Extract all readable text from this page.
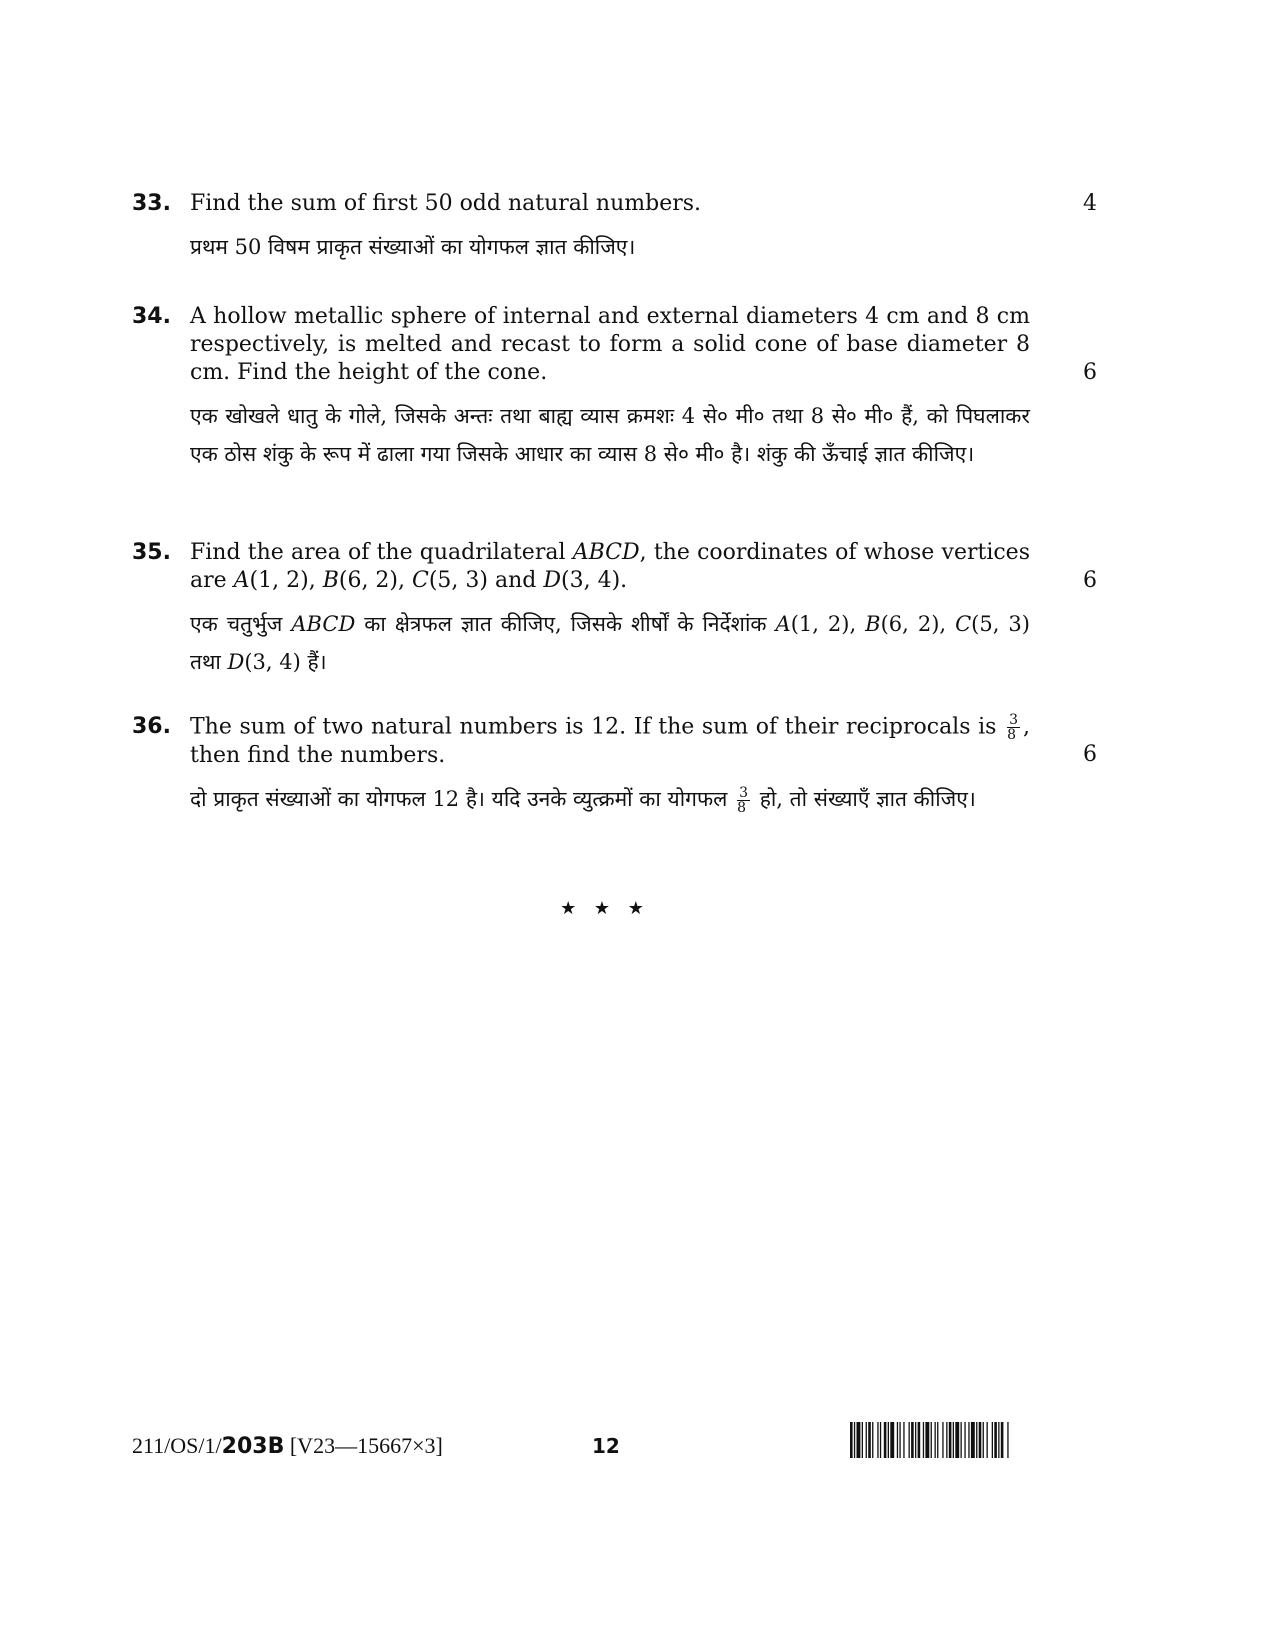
33. Find the sum of first 50 odd natural numbers.
प्रथम 50 विषम प्राकृत संख्याओं का योगफल ज्ञात कीजिए।
4
34. A hollow metallic sphere of internal and external diameters 4 cm and 8 cm respectively, is melted and recast to form a solid cone of base diameter 8 cm. Find the height of the cone.
एक खोखले धातु के गोले, जिसके अन्तः तथा बाह्य व्यास क्रमशः 4 से० मी० तथा 8 से० मी० हैं, को पिघलाकर एक ठोस शंकु के रूप में ढाला गया जिसके आधार का व्यास 8 से० मी० है। शंकु की ऊँचाई ज्ञात कीजिए।
6
35. Find the area of the quadrilateral ABCD, the coordinates of whose vertices are A(1, 2), B(6, 2), C(5, 3) and D(3, 4).
एक चतुर्भुज ABCD का क्षेत्रफल ज्ञात कीजिए, जिसके शीर्षों के निर्देशांक A(1, 2), B(6, 2), C(5, 3) तथा D(3, 4) हैं।
6
36. The sum of two natural numbers is 12. If the sum of their reciprocals is $\frac{3}{8}$ , then find the numbers.
दो प्राकृत संख्याओं का योगफल 12 है। यदि उनके व्युत्क्रमों का योगफल $\frac{3}{8}$ हो, तो संख्याएँ ज्ञात कीजिए।
6
★ ★ ★
211/OS/1/203B [V23—15667×3]	12
